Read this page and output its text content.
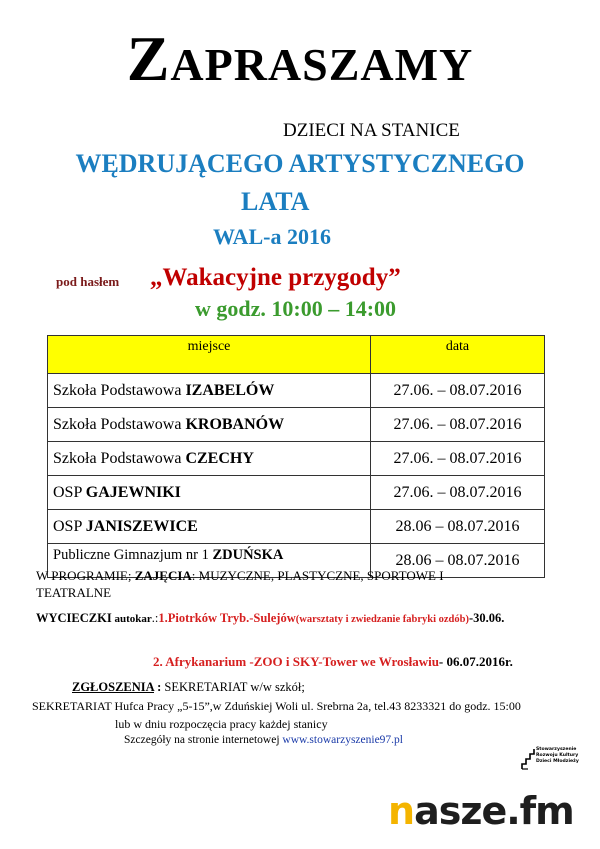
ZAPRASZAMY
DZIECI NA STANICE
WĘDRUJĄCEGO ARTYSTYCZNEGO
LATA
WAL-a 2016
pod hasłem „Wakacyjne przygody”
w godz. 10:00 – 14:00
miejsce	data
Szkoła Podstawowa IZABELÓW	27.06. – 08.07.2016
Szkoła Podstawowa KROBANÓW	27.06. – 08.07.2016
Szkoła Podstawowa CZECHY	27.06. – 08.07.2016
OSP GAJEWNIKI	27.06. – 08.07.2016
OSP JANISZEWICE	28.06 – 08.07.2016
Publiczne Gimnazjum nr 1 ZDUŃSKA	28.06 – 08.07.2016
W PROGRAMIE; ZAJĘCIA: MUZYCZNE, PLASTYCZNE, SPORTOWE I TEATRALNE
WYCIECZKI autokar.:1.Piotrków Tryb.-Sulejów(warsztaty i zwiedzanie fabryki ozdób)-30.06.
2. Afrykanarium -ZOO i SKY-Tower we Wrosławiu- 06.07.2016r.
ZGŁOSZENIA : SEKRETARIAT w/w szkół;
SEKRETARIAT Hufca Pracy „5-15”,w Zduńskiej Woli ul. Srebrna 2a, tel.43 8233321 do godz. 15:00
lub w dniu rozpoczęcia pracy każdej stanicy
Szczegóły na stronie internetowej www.stowarzyszenie97.pl
Stowarzyszenie
Rozwoju Kultury
Dzieci Młodzieży
nasze.fm
